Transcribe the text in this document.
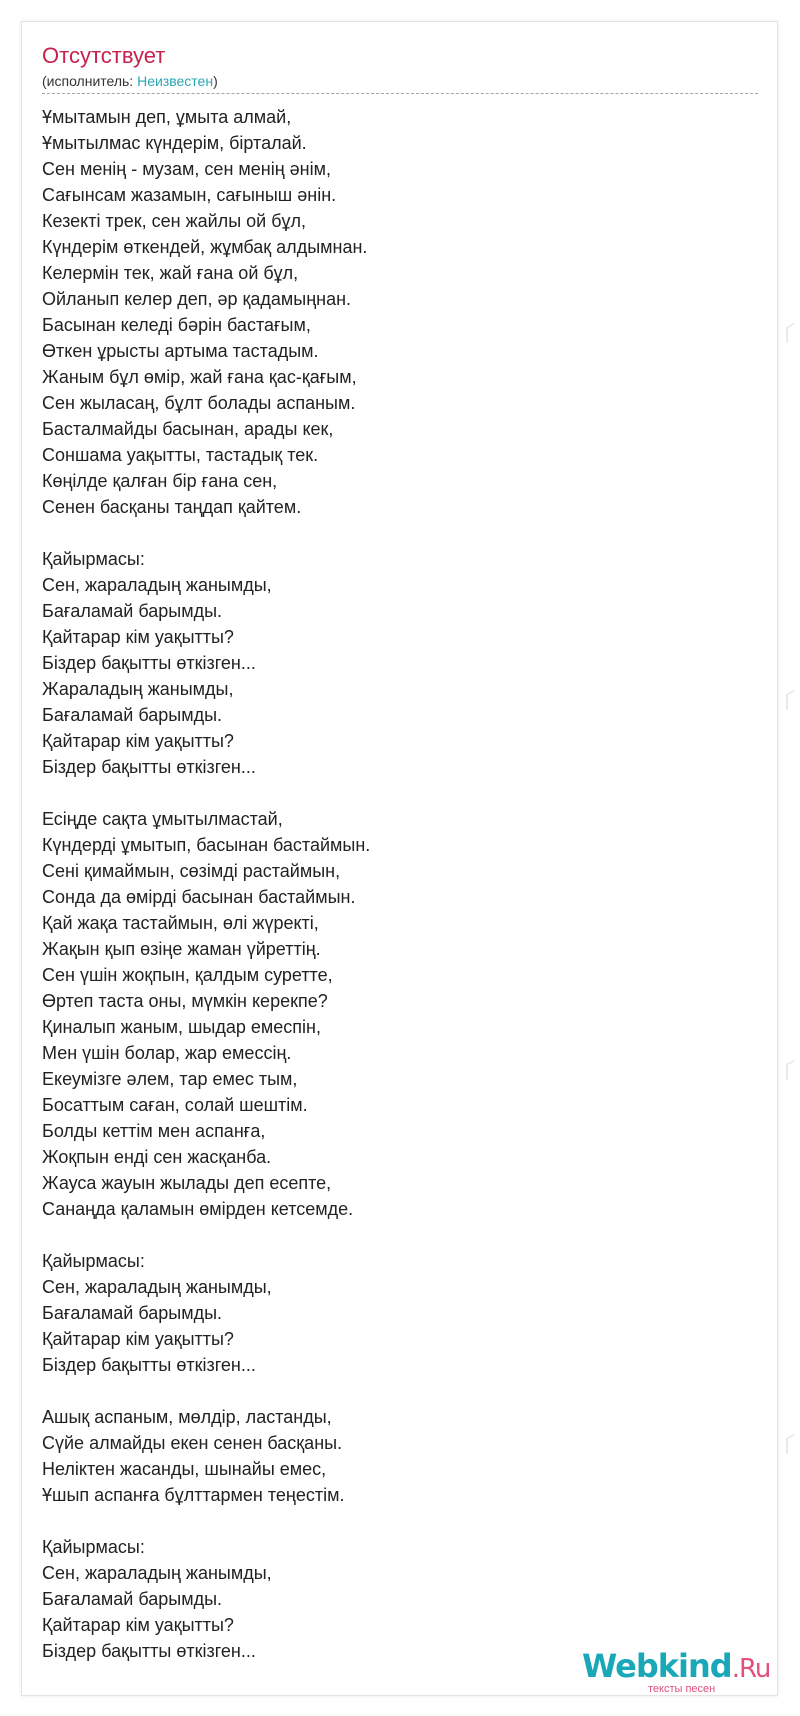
Отсутствует
(исполнитель: Неизвестен)
Ұмытамын деп, ұмыта алмай,
Ұмытылмас күндерім, бірталай.
Сен менің - музам, сен менің әнім,
Сағынсам жазамын, сағыныш әнін.
Кезекті трек, сен жайлы ой бұл,
Күндерім өткендей, жұмбақ алдымнан.
Келермін тек, жай ғана ой бұл,
Ойланып келер деп, әр қадамыңнан.
Басынан келеді бәрін бастағым,
Өткен ұрысты артыма тастадым.
Жаным бұл өмір, жай ғана қас-қағым,
Сен жыласаң, бұлт болады аспаным.
Басталмайды басынан, арады кек,
Соншама уақытты, тастадық тек.
Көңілде қалған бір ғана сен,
Сенен басқаны таңдап қайтем.
Қайырмасы:
Сен, жараладың жанымды,
Бағаламай барымды.
Қайтарар кім уақытты?
Біздер бақытты өткізген...
Жараладың жанымды,
Бағаламай барымды.
Қайтарар кім уақытты?
Біздер бақытты өткізген...
Есіңде сақта ұмытылмастай,
Күндерді ұмытып, басынан бастаймын.
Сені қимаймын, сөзімді растаймын,
Сонда да өмірді басынан бастаймын.
Қай жақа тастаймын, өлі жүректі,
Жақын қып өзіңе жаман үйреттің.
Сен үшін жоқпын, қалдым суретте,
Өртеп таста оны, мүмкін керекпе?
Қиналып жаным, шыдар емеспін,
Мен үшін болар, жар емессің.
Екеумізге әлем, тар емес тым,
Босаттым саған, солай шештім.
Болды кеттім мен аспанға,
Жоқпын енді сен жасқанба.
Жауса жауын жылады деп есепте,
Санаңда қаламын өмірден кетсемде.
Қайырмасы:
Сен, жараладың жанымды,
Бағаламай барымды.
Қайтарар кім уақытты?
Біздер бақытты өткізген...
Ашық аспаным, мөлдір, ластанды,
Сүйе алмайды екен сенен басқаны.
Неліктен жасанды, шынайы емес,
Ұшып аспанға бұлттармен теңестім.
Қайырмасы:
Сен, жараладың жанымды,
Бағаламай барымды.
Қайтарар кім уақытты?
Біздер бақытты өткізген...	Webkind.Ru
тексты песен
